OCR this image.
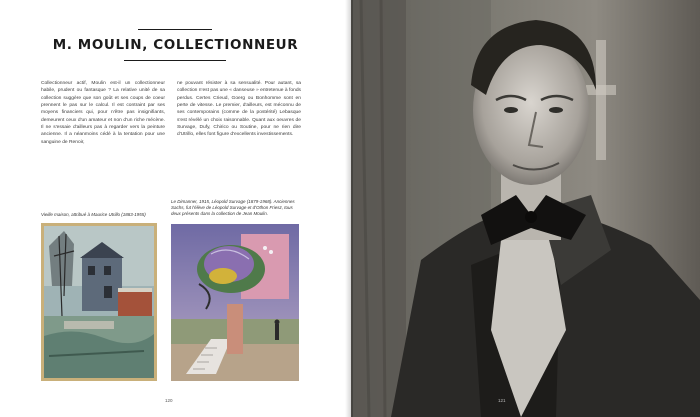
M. MOULIN, COLLECTIONNEUR
Collectionneur actif, Moulin est-il un collectionneur habile, prudent ou fantasque ? La relative unité de sa collection suggère que son goût et ses coups de coeur prennent le pas sur le calcul. Il est contraint par ses moyens financiers qui, pour n'être pas insignifiants, demeurent ceux d'un amateur et non d'un riche mécène. Il ne s'essaie d'ailleurs pas à regarder vers la peinture ancienne. Il a néanmoins cédé à la tentation pour une sanguine de Renoir,
ne pouvant résister à sa sensualité. Pour autant, sa collection n'est pas une « danseuse » entretenue à fonds perdus. Certes Crieud, Goerg ou Bonhomme sont en perte de vitesse. Le premier, d'ailleurs, est méconnu de ses contemporains (comme de la postérité) Lebasque s'est révélé un choix raisonnable. Quant aux oeuvres de Survage, Dufy, Chirico ou Soutine, pour ne rien dire d'Utrillo, elles font figure d'excellents investissements.
Vieille maison, attribué à Maurice Utrillo (1883-1955)
Le Dimanner, 1915, Léopold Survage (1879-1968). Anciennes Sachs, fut l'élève de Léopold Survage et d'Othon Friesz, tous deux présents dans la collection de Jean Moulin.
120	121
